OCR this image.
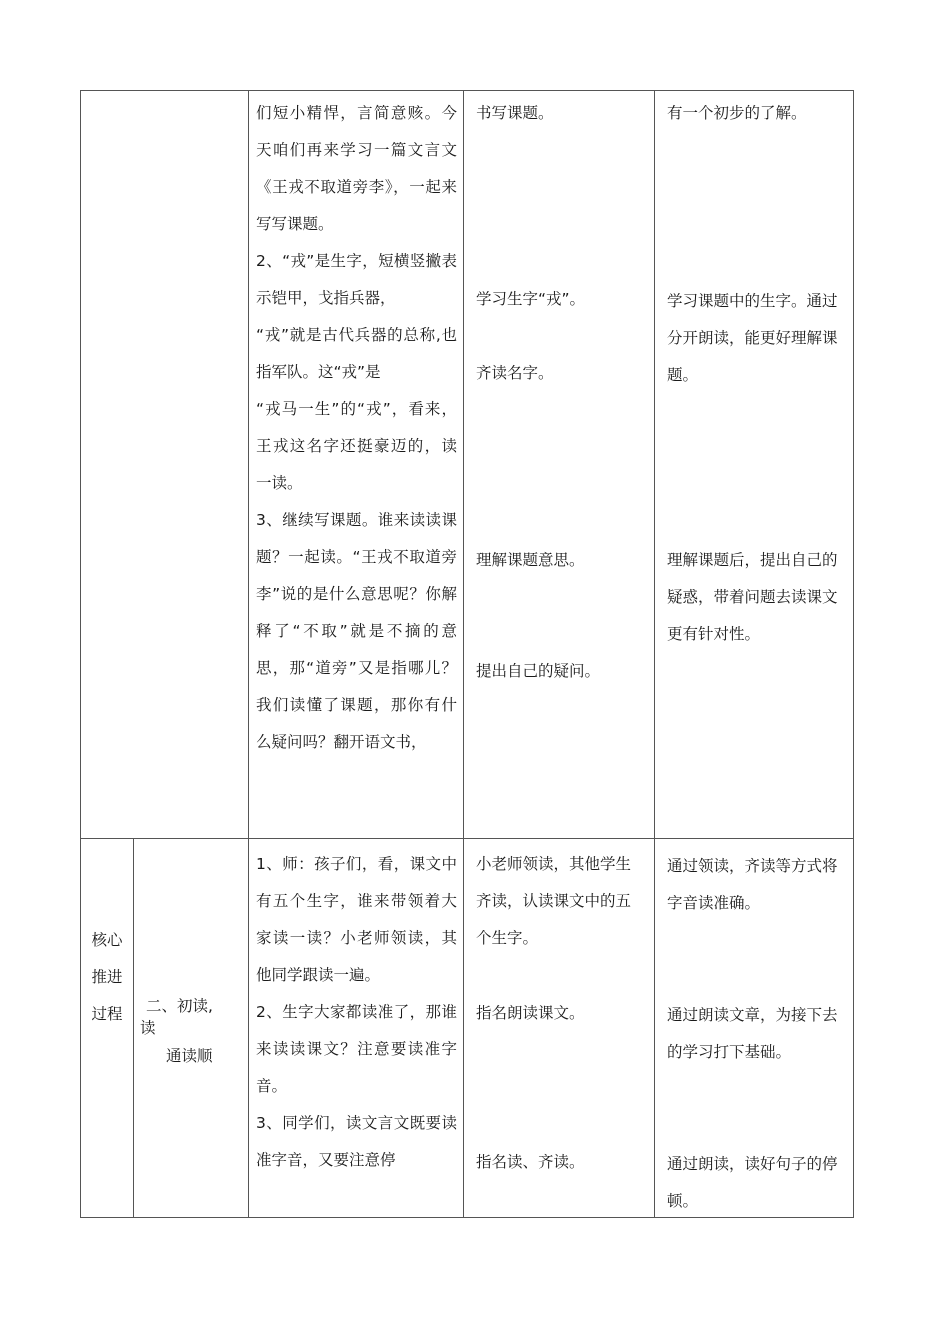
们短小精悍，言简意赅。今天咱们再来学习一篇文言文《王戎不取道旁李》，一起来写写课题。

2、“戎”是生字，短横竖撇表示铠甲，戈指兵器，

“戎”就是古代兵器的总称,也指军队。这“戎”是

“戎马一生”的“戎”，看来，王戎这名字还挺豪迈的，读一读。

3、继续写课题。谁来读读课题？一起读。“王戎不取道旁李”说的是什么意思呢？你解释了“不取”就是不摘的意思，那“道旁”又是指哪儿？我们读懂了课题，那你有什么疑问吗？翻开语文书，

书写课题。
学习生字“戎”。
齐读名字。
理解课题意思。
提出自己的疑问。
有一个初步的了解。
学习课题中的生字。通过分开朗读，能更好理解课题。
理解课题后，提出自己的疑惑，带着问题去读课文更有针对性。
核心推进过程	二、初读,
读
通读顺

1、师：孩子们，看，课文中有五个生字，谁来带领着大家读一读？小老师领读，其他同学跟读一遍。

2、生字大家都读准了，那谁来读读课文？注意要读准字音。

3、同学们，读文言文既要读准字音，又要注意停

小老师领读，其他学生齐读，认读课文中的五个生字。
指名朗读课文。
指名读、齐读。
通过领读，齐读等方式将字音读准确。
通过朗读文章，为接下去的学习打下基础。
通过朗读，读好句子的停顿。
